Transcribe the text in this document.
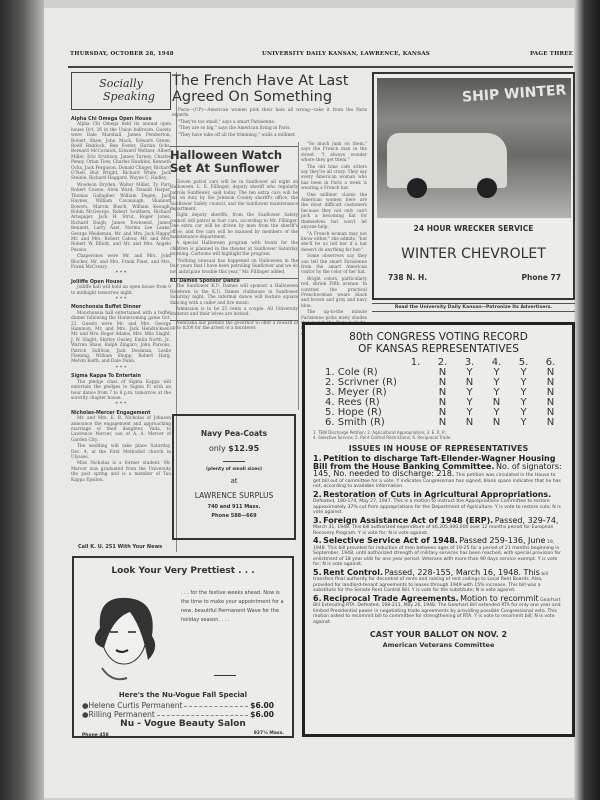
THURSDAY, OCTOBER 28, 1948	UNIVERSITY DAILY KANSAN, LAWRENCE, KANSAS	PAGE THREE
Socially
Speaking
Alpha Chi Omega Open House

Alpha Chi Omega held its annual open house Oct. 26 in the Union ballroom. Guests were Dale Marshall, James Pemberton, Robert Shaw, John Mack, Edward Green, Roell Reddock, Ben Foster, Harlan Ochs, Bernard McCormick, Edward Weltner, Albert Miller, Eric Erickson, James Turney, Charles Penny, Orlan Tiew, Charles Hawkins, Kenneth Ochs, Jack Ferguson, Donald Clinger, Richard O'Neil, Bud Wright, Richard White, Jack Steinle, Richard Haggard, Wayne C. Hadley.

Woodson Dryden, Walter Miller, Ty Parr, Robert Cowne, Alvin Ward, Donald Harper, Thomas Gallagher, William Degen, Jack Haynes, William Cavanaugh, Shannon Bowers, Marvin Busch, William Keough, Robin McGeorge, Robert Southern, Richard Arnspiger, Jack H. Strut, Roger Jones, Richard Daigh, James Townsend, James Bennett, Larry Axel, Norma Lee Leake, George Weideman, Mr. and Mrs. Jack Happy, Mr. and Mrs. Robert Cabow, Mr. and Mrs. Robert W. Elliott, and Mr. and Mrs. Angelo Pesano.

Chaperones were Mr. and Mrs. John Blocker, Mr. and Mrs. Frank Pinet, and Mrs. Frank McCreary.

* * *
Jolliffe Open House

Jolliffe hall will hold an open house from 9 to midnight tomorrow night.

* * *
Monchonsia Buffet Dinner

Monchonsia hall entertained with a buffet dinner following the Homecoming game Oct. 23. Guests were Mr. and Mrs. George Hammon, Mr. and Mrs. Jack Hendricksen, Mr. and Mrs. Roger Adams, Mrs. Milo Slaght, J. W. Slaght, Shirley Ousley, Emlin North, Jr., Warren Shaw, Ralph Zingaro, John Parsons, Patrick Sullivan, Jack Dossman, Leslie Fleming, William Shupp, Robert Harg, Melvin Keith, and Dale Dunn.

* * *
Sigma Kappa To Entertain

The pledge class of Sigma Kappa will entertain the pledges to Sigma Pi with an hour dance from 7 to 8 p.m. tomorrow at the sorority chapter house.

* * *
Nicholas-Mercer Engagement

Mr. and Mrs. E. B. Nicholas of Johnson announce the engagement and approaching marriage of their daughter, Vada, to Lawrence Mercer, son of A. A. Mercer of Garden City.

The wedding will take place Saturday, Dec. 4, at the First Methodist church in Ulysses.

Miss Nicholas is a former student. Mr. Mercer was graduated from the University the past spring and is a member of Tau Kappa Epsilon.

Call K. U. 251 With Your News
The French Have At Last Agreed On Something

Paris—(UP)—American women pick their hats all wrong—take it from the Paris experts.

"They're too small," says a smart Parisienne.

"They are so big," says the American living in Paris.

"They have take off all the trimming," wails a milliner.

"So much junk on them," says the French man in the street. "I always wonder where they get them."

The old time cafe sitters say they're all crazy. They say every American woman who has been in Paris a week is wearing a French hat.

One milliner claims the American women here are the most difficult customers because they not only can't pick a becoming hat for themselves but won't let anyone help.

"A French woman may not know either," she admits, "but she'll be us tell her if a hat doesn't do anything for her."

Some observers say they can tell the smart Parisienne from the smart American visitor by the color of her hat.

Bright colors, particularly red, shriek Fifth avenue. In contrast the practical Frenchwoman wears black and brown and gray and navy blue.

The up-to-the minute Parisienne picks misty shades

Halloween Watch Set At Sunflower

Eleven patrol cars will be in Sunflower all night on Halloween. L. E. Fillinger, deputy sheriff who regularly patrols Sunflower, said today. The ten extra cars will be put on duty by the Johnson County sheriff's office, the Sunflower Safety council, and the Sunflower maintenance department.

Eight deputy sheriffs, from the Sunflower Safety council will patrol in four cars, according to Mr. Fillinger. One extra car will be driven by men from the sheriff's office, and five cars will be manned by members of the maintenance department.

A special Halloween program with treats for the children is planned in the theater at Sunflower Saturday morning. Cartoons will highlight the program.

"Nothing unusual has happened on Halloween in the four years that I have been patroling Sunflower and we do not anticipate trouble this year," Mr. Fillinger added.

KU Dames Sponsor Dance

The Sunflower K.U. Dames will sponsor a Halloween Hoedown in the K.U. Dames clubhouse in Sunflower Saturday night. The informal dance will feature square dancing with a caller and live music.

Admission is to be 25 cents a couple. All University students and their wives are invited.

Nebraska law permits the governor to offer a reward of up to $200 for the arrest of a murderer.

SHIP WINTER
24 HOUR WRECKER SERVICE
WINTER CHEVROLET
738 N. H.	Phone 77
Read the University Daily Kansan—Patronize Its Advertisers.
80th CONGRESS VOTING RECORD
OF KANSAS REPRESENTATIVES
	1.	2.	3.	4.	5.	6.
1. Cole (R)		N	Y	Y	Y	N
2. Scrivner (R)		N	N	Y	Y	N
3. Meyer (R)		N	Y	Y	Y	N
4. Rees (R)		N	Y	N	Y	N
5. Hope (R)		N	Y	Y	Y	N
6. Smith (R)		N	N	N	Y	N
1. TEW Discharge Petition; 2. Agricultural Appropriation; 3. E. R. P.;
4. Selective Service; 5. Rent Control Restrictions; 6. Reciprocal Trade.
ISSUES IN HOUSE OF REPRESENTATIVES
1. Petition to discharge Taft-Ellender-Wagner Housing Bill from the House Banking Committee. No. of signators: 145, No. needed to discharge: 218. This petition was circulated in the House to get bill out of committee for a vote. Y indicates Congressman has signed, blank space indicates that he has not, according to available information.
2. Restoration of Cuts in Agricultural Appropriations. Defeated, 180-174, May 27, 1947. This is a motion to instruct the Appropriations Committee to restore approximately 37% cut from appropriations for the Department of Agriculture. Y is vote to restore cuts; N is vote against.
3. Foreign Assistance Act of 1948 (ERP). Passed, 329-74, March 31, 1948. This bill authorized expenditure of $6,205,000,000 over 12 months period for European Recovery Program. Y is vote for; N is vote against.
4. Selective Service Act of 1948. Passed 259-136, June 19, 1948. This bill provided for induction of men between ages of 19-25 for a period of 21 months beginning in September, 1948, until authorized strength of military services has been reached, with special provision for enlistment of 18 year olds for one year period. Veterans with more than 90 days service exempt. Y is vote for; N is vote against.
5. Rent Control. Passed, 228-155, March 16, 1948. This bill transfers final authority for decontrol of rents and raising of rent ceilings to Local Rent Boards. Also, provided for landlord-tenant agreements to leases through 1949 with 15% increase. This bill was a substitute for the Senate Rent Control Bill. Y is vote for the substitute; N is vote against.
6. Reciprocal Trade Agreements. Motion to recommit Gearhart Bill Extending RTA. Defeated, 168-211, May 26, 1948. The Gearhart Bill extended RTA for only one year and limited Presidential power in negotiating trade agreements by providing possible Congressional veto. This motion asked to recommit bill to committee for strengthening of RTA. Y is vote to recommit bill; N is vote against.
CAST YOUR BALLOT ON NOV. 2
American Veterans Committee
Navy Pea-Coats
only $12.95
(plenty of small sizes)
at
LAWRENCE SURPLUS
740 and 911 Mass.
Phone 588—669
Look Your Very Prettiest . . .
. . . for the festive weeks ahead. Now is the time to make your appointment for a new, beautiful Permanent Wave for the holiday season. . . .
Here's the Nu-Vogue Fall Special
● Helene Curtis Permanent	$6.00
● Rilling Permanent	$6.00
Nu - Vogue Beauty Salon
Phone 458	927½ Mass.
